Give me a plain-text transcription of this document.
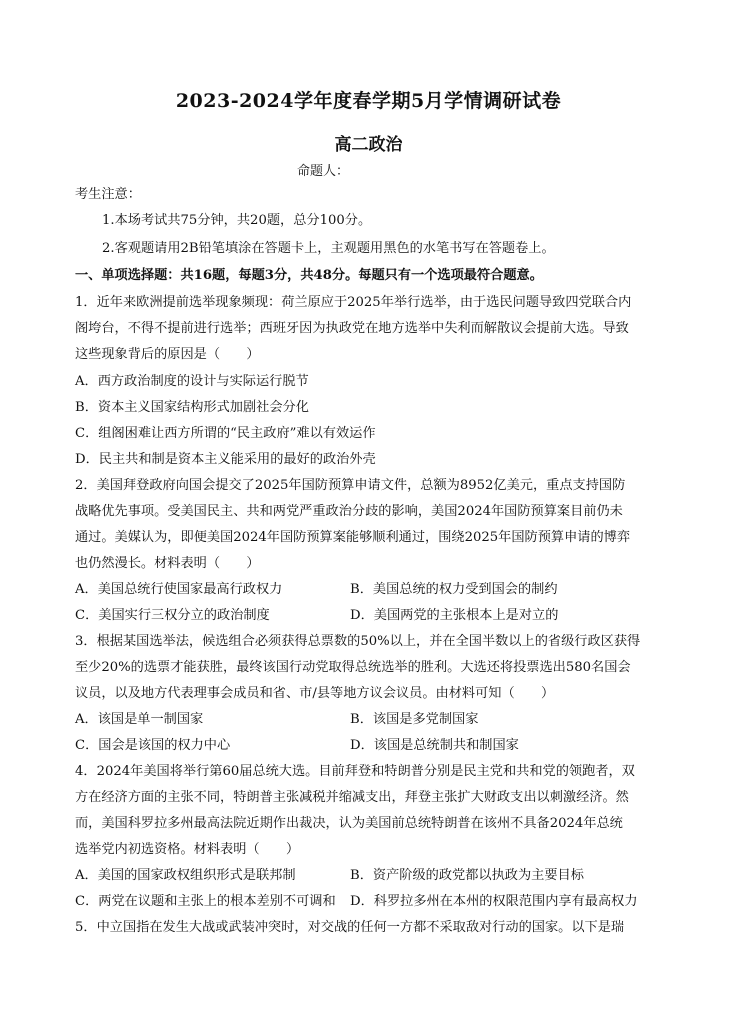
2023-2024学年度春学期5月学情调研试卷
高二政治
命题人：
考生注意：
1.本场考试共75分钟，共20题，总分100分。
2.客观题请用2B铅笔填涂在答题卡上，主观题用黑色的水笔书写在答题卷上。
一、单项选择题：共16题，每题3分，共48分。每题只有一个选项最符合题意。
1．近年来欧洲提前选举现象频现：荷兰原应于2025年举行选举，由于选民问题导致四党联合内
阁垮台，不得不提前进行选举；西班牙因为执政党在地方选举中失利而解散议会提前大选。导致
这些现象背后的原因是（　　）
A．西方政治制度的设计与实际运行脱节
B．资本主义国家结构形式加剧社会分化
C．组阁困难让西方所谓的“民主政府”难以有效运作
D．民主共和制是资本主义能采用的最好的政治外壳
2．美国拜登政府向国会提交了2025年国防预算申请文件，总额为8952亿美元，重点支持国防
战略优先事项。受美国民主、共和两党严重政治分歧的影响，美国2024年国防预算案目前仍未
通过。美媒认为，即便美国2024年国防预算案能够顺利通过，围绕2025年国防预算申请的博弈
也仍然漫长。材料表明（　　）
A．美国总统行使国家最高行政权力	B．美国总统的权力受到国会的制约
C．美国实行三权分立的政治制度	D．美国两党的主张根本上是对立的
3．根据某国选举法，候选组合必须获得总票数的50%以上，并在全国半数以上的省级行政区获得
至少20%的选票才能获胜，最终该国行动党取得总统选举的胜利。大选还将投票选出580名国会
议员，以及地方代表理事会成员和省、市/县等地方议会议员。由材料可知（　　）
A．该国是单一制国家	B．该国是多党制国家
C．国会是该国的权力中心	D．该国是总统制共和制国家
4．2024年美国将举行第60届总统大选。目前拜登和特朗普分别是民主党和共和党的领跑者，双
方在经济方面的主张不同，特朗普主张减税并缩减支出，拜登主张扩大财政支出以刺激经济。然
而，美国科罗拉多州最高法院近期作出裁决，认为美国前总统特朗普在该州不具备2024年总统
选举党内初选资格。材料表明（　　）
A．美国的国家政权组织形式是联邦制	B．资产阶级的政党都以执政为主要目标
C．两党在议题和主张上的根本差别不可调和 D．科罗拉多州在本州的权限范围内享有最高权力
5．中立国指在发生大战或武装冲突时，对交战的任何一方都不采取敌对行动的国家。以下是瑞
